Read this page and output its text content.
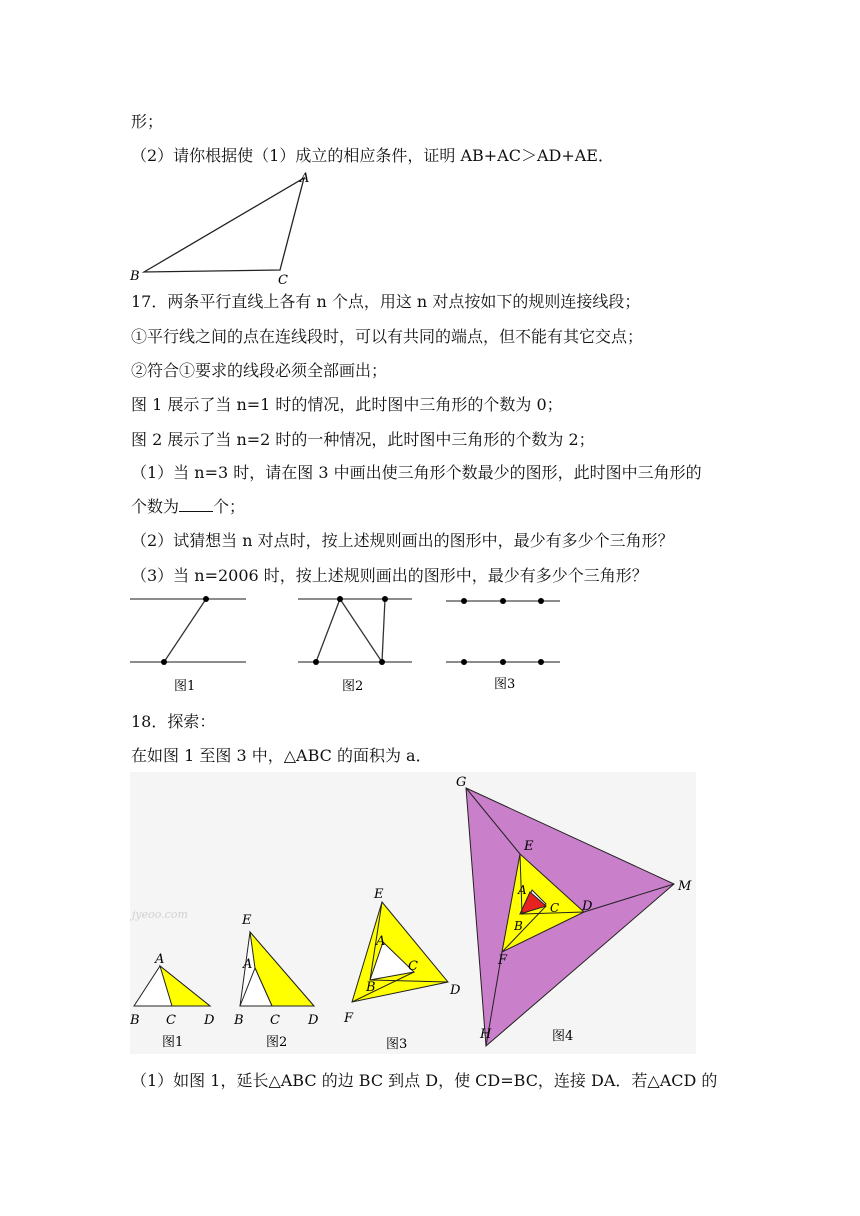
形；
（2）请你根据使（1）成立的相应条件，证明 AB+AC＞AD+AE．
A
B	C
17．两条平行直线上各有 n 个点，用这 n 对点按如下的规则连接线段；
①平行线之间的点在连线段时，可以有共同的端点，但不能有其它交点；
②符合①要求的线段必须全部画出；
图 1 展示了当 n=1 时的情况，此时图中三角形的个数为 0；
图 2 展示了当 n=2 时的一种情况，此时图中三角形的个数为 2；
（1）当 n=3 时，请在图 3 中画出使三角形个数最少的图形，此时图中三角形的
个数为 个；
（2）试猜想当 n 对点时，按上述规则画出的图形中，最少有多少个三角形？
（3）当 n=2006 时，按上述规则画出的图形中，最少有多少个三角形？
图1	图2	图3
18．探索：
在如图 1 至图 3 中，△ABC 的面积为 a．
jyeoo.com
A
B C D
图1
E
A
B C D
图2
E
A
C
B	D
F
图3
G
E
M
A
C D
B
F
H	图4
（1）如图 1，延长△ABC 的边 BC 到点 D，使 CD=BC，连接 DA．若△ACD 的
